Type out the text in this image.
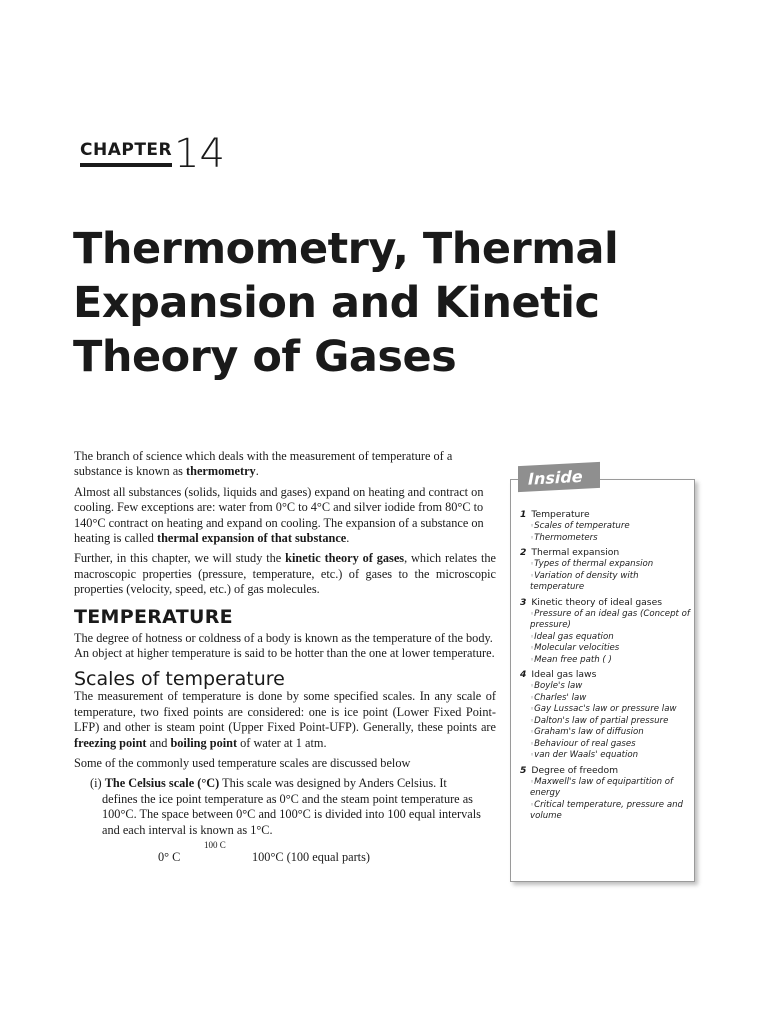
CHAPTER 14
Thermometry, Thermal Expansion and Kinetic Theory of Gases

The branch of science which deals with the measurement of temperature of a substance is known as thermometry.

Almost all substances (solids, liquids and gases) expand on heating and contract on cooling. Few exceptions are: water from 0°C to 4°C and silver iodide from 80°C to 140°C contract on heating and expand on cooling. The expansion of a substance on heating is called thermal expansion of that substance.

Further, in this chapter, we will study the kinetic theory of gases, which relates the macroscopic properties (pressure, temperature, etc.) of gases to the microscopic properties (velocity, speed, etc.) of gas molecules.

TEMPERATURE

The degree of hotness or coldness of a body is known as the temperature of the body. An object at higher temperature is said to be hotter than the one at lower temperature.

Scales of temperature

The measurement of temperature is done by some specified scales. In any scale of temperature, two fixed points are considered: one is ice point (Lower Fixed Point-LFP) and other is steam point (Upper Fixed Point-UFP). Generally, these points are freezing point and boiling point of water at 1 atm.

Some of the commonly used temperature scales are discussed below

(i) The Celsius scale (°C) This scale was designed by Anders Celsius. It
defines the ice point temperature as 0°C and the steam point temperature as 100°C. The space between 0°C and 100°C is divided into 100 equal intervals and each interval is known as 1°C.
0° C
100 C
100°C (100 equal parts)
Inside
1 Temperature
◦ Scales of temperature
◦ Thermometers
2 Thermal expansion
◦ Types of thermal expansion
◦ Variation of density with temperature
3 Kinetic theory of ideal gases
◦ Pressure of an ideal gas (Concept of pressure)
◦ Ideal gas equation
◦ Molecular velocities
◦ Mean free path ( )
4 Ideal gas laws
◦ Boyle's law
◦ Charles' law
◦ Gay Lussac's law or pressure law
◦ Dalton's law of partial pressure
◦ Graham's law of diffusion
◦ Behaviour of real gases
◦ van der Waals' equation
5 Degree of freedom
◦ Maxwell's law of equipartition of energy
◦ Critical temperature, pressure and volume
